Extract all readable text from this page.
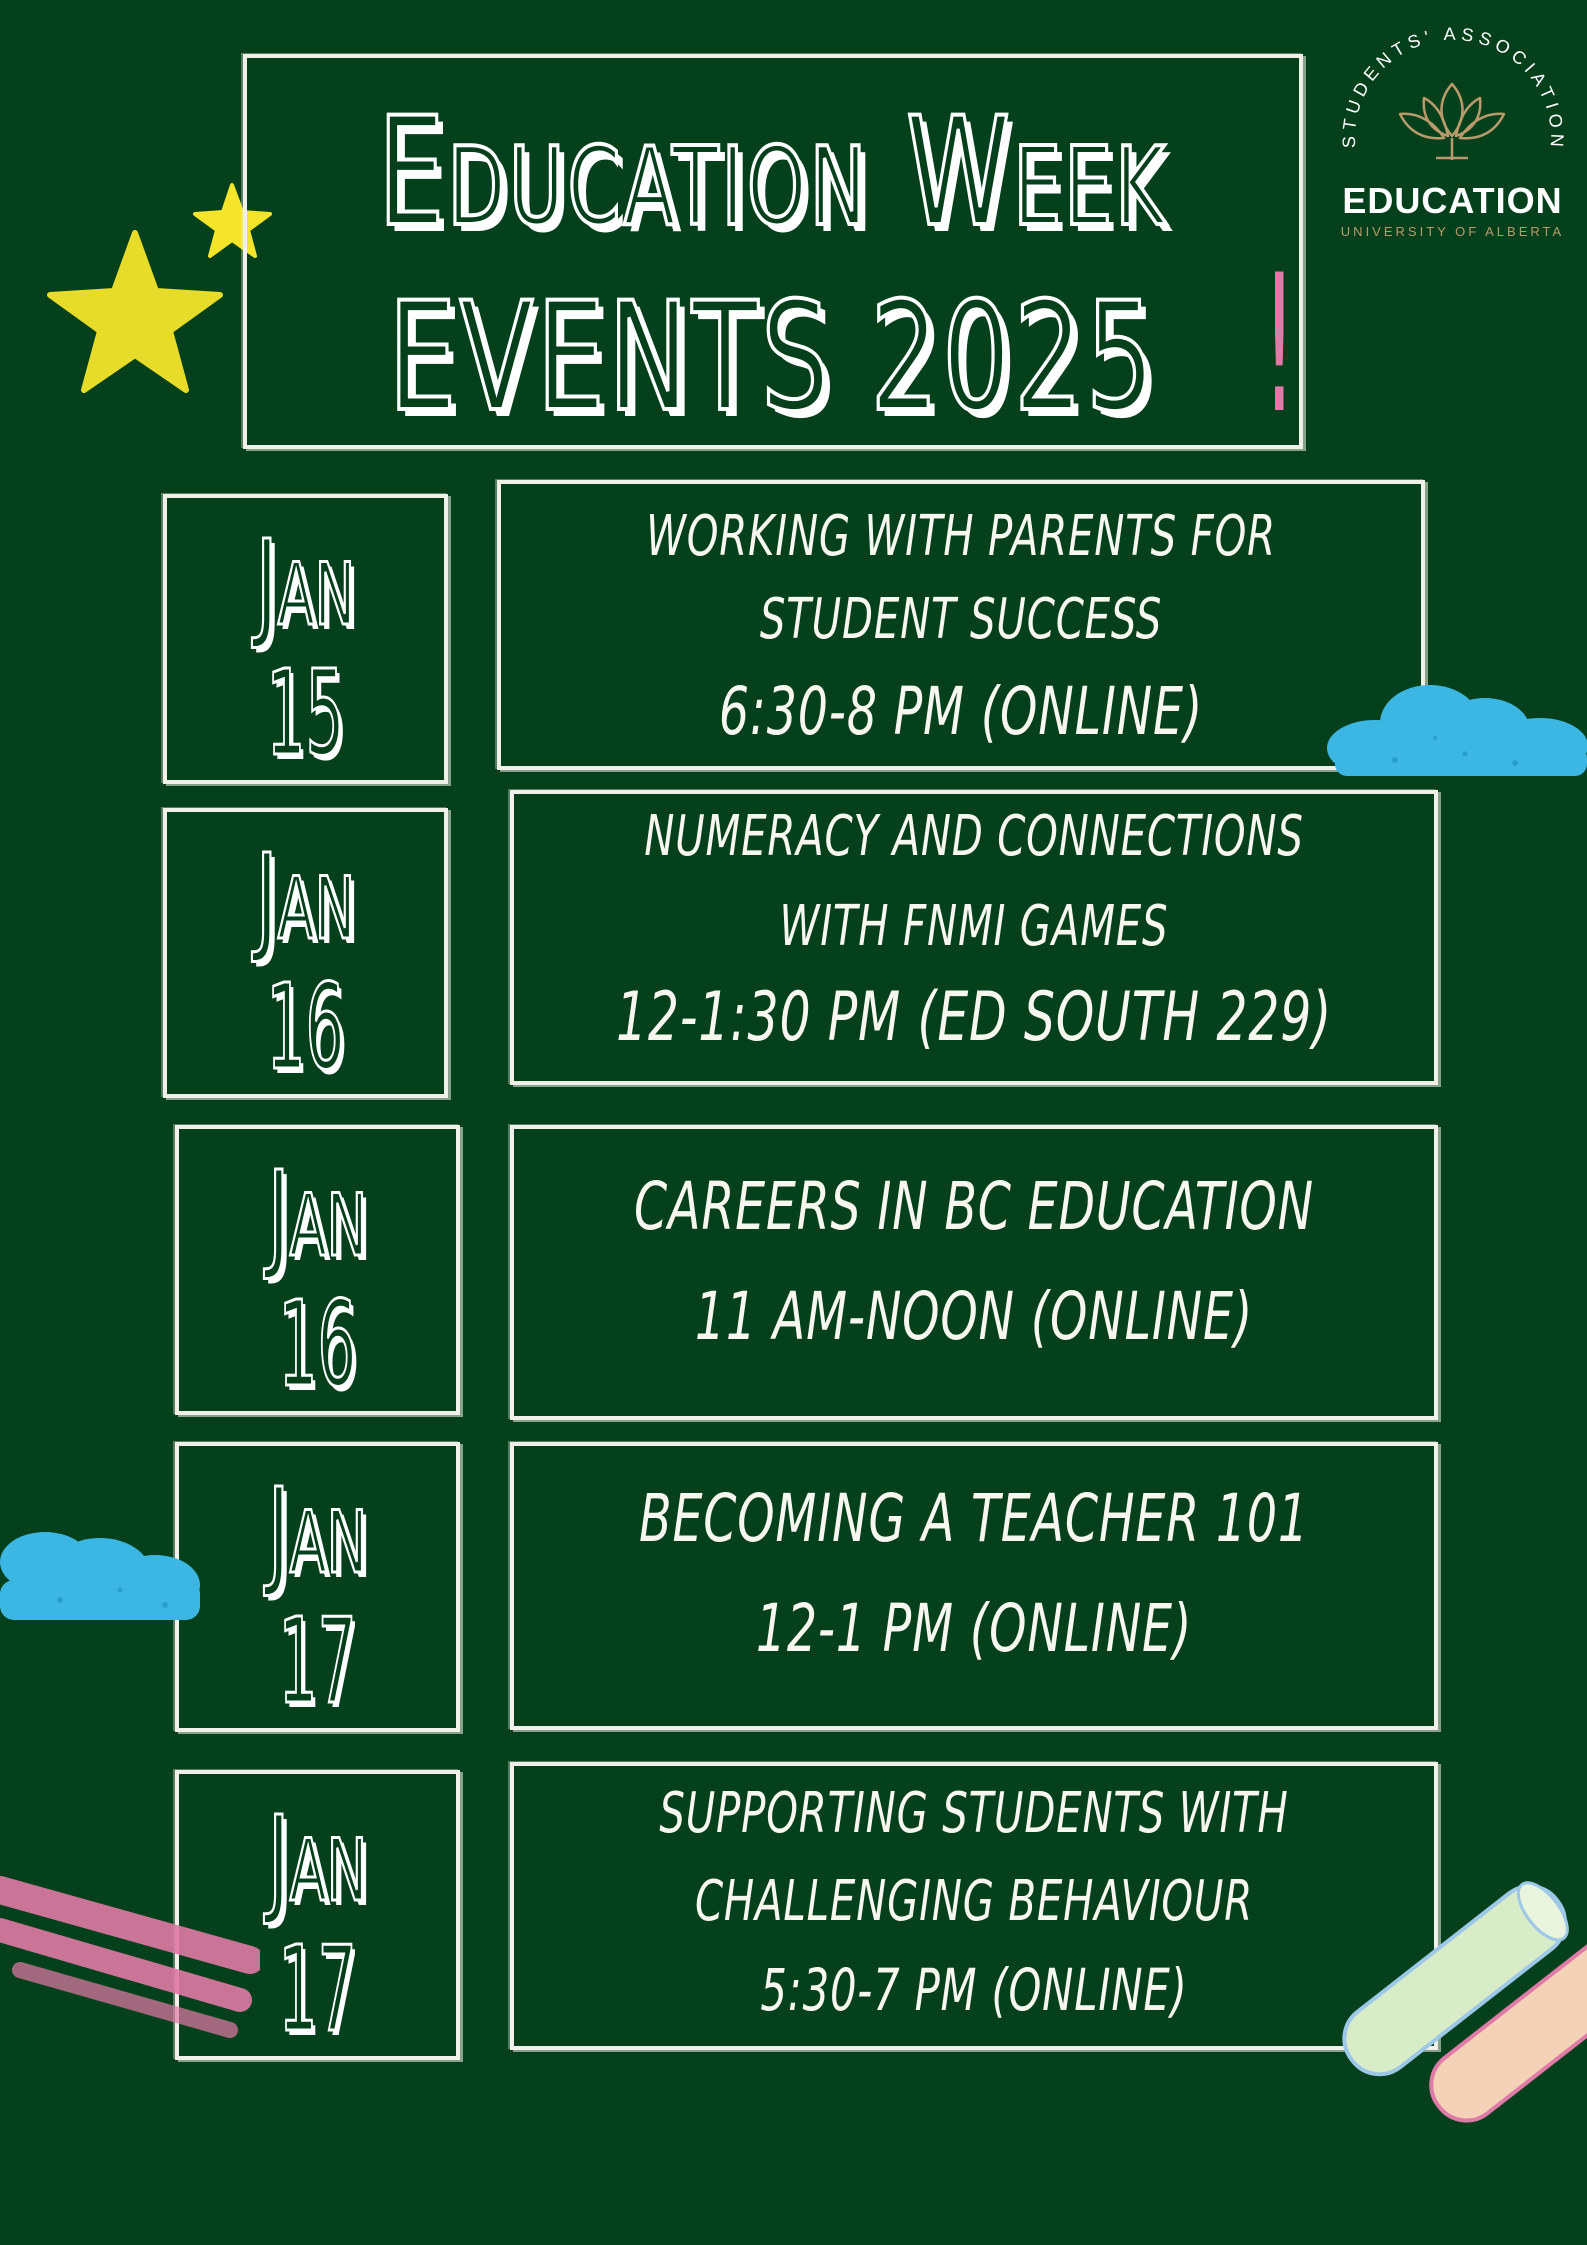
EDUCATION WEEK
EVENTS 2025 !
STUDENTS' ASSOCIATION
EDUCATION
UNIVERSITY OF ALBERTA
JAN
15
WORKING WITH PARENTS FOR
STUDENT SUCCESS
6:30-8 PM (ONLINE)
JAN
16
NUMERACY AND CONNECTIONS
WITH FNMI GAMES
12-1:30 PM (ED SOUTH 229)
JAN
16
CAREERS IN BC EDUCATION
11 AM-NOON (ONLINE)
JAN
17
BECOMING A TEACHER 101
12-1 PM (ONLINE)
JAN
17
SUPPORTING STUDENTS WITH
CHALLENGING BEHAVIOUR
5:30-7 PM (ONLINE)
